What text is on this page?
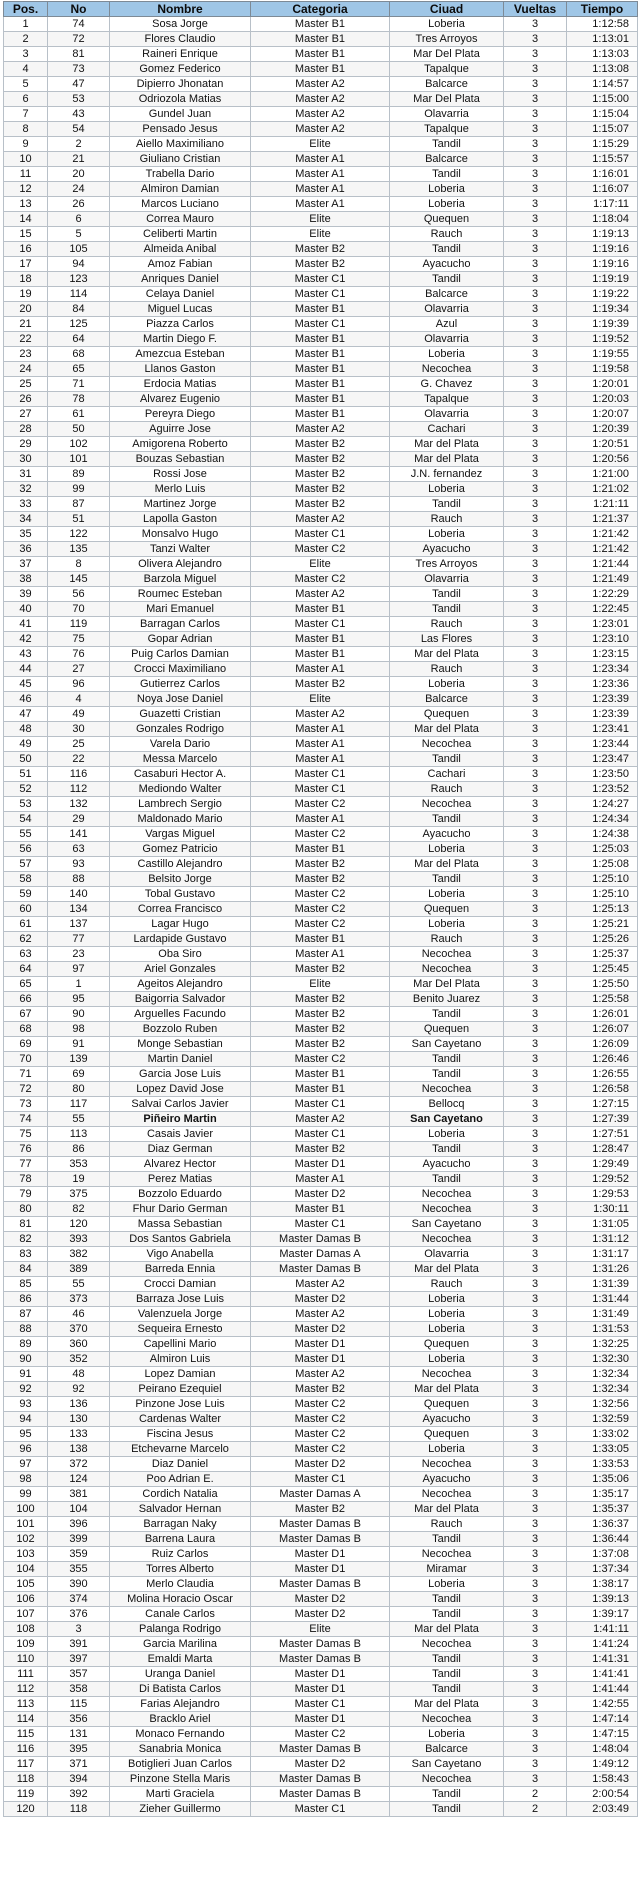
Pos.	No	Nombre	Categoria	Ciuad	Vueltas	Tiempo
1	74	Sosa Jorge	Master B1	Loberia	3	1:12:58
2	72	Flores Claudio	Master B1	Tres Arroyos	3	1:13:01
3	81	Raineri Enrique	Master B1	Mar Del Plata	3	1:13:03
4	73	Gomez Federico	Master B1	Tapalque	3	1:13:08
5	47	Dipierro Jhonatan	Master A2	Balcarce	3	1:14:57
6	53	Odriozola Matias	Master A2	Mar Del Plata	3	1:15:00
7	43	Gundel Juan	Master A2	Olavarria	3	1:15:04
8	54	Pensado Jesus	Master A2	Tapalque	3	1:15:07
9	2	Aiello Maximiliano	Elite	Tandil	3	1:15:29
10	21	Giuliano Cristian	Master A1	Balcarce	3	1:15:57
11	20	Trabella Dario	Master A1	Tandil	3	1:16:01
12	24	Almiron Damian	Master A1	Loberia	3	1:16:07
13	26	Marcos Luciano	Master A1	Loberia	3	1:17:11
14	6	Correa Mauro	Elite	Quequen	3	1:18:04
15	5	Celiberti Martin	Elite	Rauch	3	1:19:13
16	105	Almeida Anibal	Master B2	Tandil	3	1:19:16
17	94	Amoz Fabian	Master B2	Ayacucho	3	1:19:16
18	123	Anriques Daniel	Master C1	Tandil	3	1:19:19
19	114	Celaya Daniel	Master C1	Balcarce	3	1:19:22
20	84	Miguel Lucas	Master B1	Olavarria	3	1:19:34
21	125	Piazza Carlos	Master C1	Azul	3	1:19:39
22	64	Martin Diego F.	Master B1	Olavarria	3	1:19:52
23	68	Amezcua Esteban	Master B1	Loberia	3	1:19:55
24	65	Llanos Gaston	Master B1	Necochea	3	1:19:58
25	71	Erdocia Matias	Master B1	G. Chavez	3	1:20:01
26	78	Alvarez Eugenio	Master B1	Tapalque	3	1:20:03
27	61	Pereyra Diego	Master B1	Olavarria	3	1:20:07
28	50	Aguirre Jose	Master A2	Cachari	3	1:20:39
29	102	Amigorena Roberto	Master B2	Mar del Plata	3	1:20:51
30	101	Bouzas Sebastian	Master B2	Mar del Plata	3	1:20:56
31	89	Rossi Jose	Master B2	J.N. fernandez	3	1:21:00
32	99	Merlo Luis	Master B2	Loberia	3	1:21:02
33	87	Martinez Jorge	Master B2	Tandil	3	1:21:11
34	51	Lapolla Gaston	Master A2	Rauch	3	1:21:37
35	122	Monsalvo Hugo	Master C1	Loberia	3	1:21:42
36	135	Tanzi Walter	Master C2	Ayacucho	3	1:21:42
37	8	Olivera Alejandro	Elite	Tres Arroyos	3	1:21:44
38	145	Barzola Miguel	Master C2	Olavarria	3	1:21:49
39	56	Roumec Esteban	Master A2	Tandil	3	1:22:29
40	70	Mari Emanuel	Master B1	Tandil	3	1:22:45
41	119	Barragan Carlos	Master C1	Rauch	3	1:23:01
42	75	Gopar Adrian	Master B1	Las Flores	3	1:23:10
43	76	Puig Carlos Damian	Master B1	Mar del Plata	3	1:23:15
44	27	Crocci Maximiliano	Master A1	Rauch	3	1:23:34
45	96	Gutierrez Carlos	Master B2	Loberia	3	1:23:36
46	4	Noya Jose Daniel	Elite	Balcarce	3	1:23:39
47	49	Guazetti Cristian	Master A2	Quequen	3	1:23:39
48	30	Gonzales Rodrigo	Master A1	Mar del Plata	3	1:23:41
49	25	Varela Dario	Master A1	Necochea	3	1:23:44
50	22	Messa Marcelo	Master A1	Tandil	3	1:23:47
51	116	Casaburi Hector A.	Master C1	Cachari	3	1:23:50
52	112	Mediondo Walter	Master C1	Rauch	3	1:23:52
53	132	Lambrech Sergio	Master C2	Necochea	3	1:24:27
54	29	Maldonado Mario	Master A1	Tandil	3	1:24:34
55	141	Vargas Miguel	Master C2	Ayacucho	3	1:24:38
56	63	Gomez Patricio	Master B1	Loberia	3	1:25:03
57	93	Castillo Alejandro	Master B2	Mar del Plata	3	1:25:08
58	88	Belsito Jorge	Master B2	Tandil	3	1:25:10
59	140	Tobal Gustavo	Master C2	Loberia	3	1:25:10
60	134	Correa Francisco	Master C2	Quequen	3	1:25:13
61	137	Lagar Hugo	Master C2	Loberia	3	1:25:21
62	77	Lardapide Gustavo	Master B1	Rauch	3	1:25:26
63	23	Oba Siro	Master A1	Necochea	3	1:25:37
64	97	Ariel Gonzales	Master B2	Necochea	3	1:25:45
65	1	Ageitos Alejandro	Elite	Mar Del Plata	3	1:25:50
66	95	Baigorria Salvador	Master B2	Benito Juarez	3	1:25:58
67	90	Arguelles Facundo	Master B2	Tandil	3	1:26:01
68	98	Bozzolo Ruben	Master B2	Quequen	3	1:26:07
69	91	Monge Sebastian	Master B2	San Cayetano	3	1:26:09
70	139	Martin Daniel	Master C2	Tandil	3	1:26:46
71	69	Garcia Jose Luis	Master B1	Tandil	3	1:26:55
72	80	Lopez David Jose	Master B1	Necochea	3	1:26:58
73	117	Salvai Carlos Javier	Master C1	Bellocq	3	1:27:15
74	55	Piñeiro Martin	Master A2	San Cayetano	3	1:27:39
75	113	Casais Javier	Master C1	Loberia	3	1:27:51
76	86	Diaz German	Master B2	Tandil	3	1:28:47
77	353	Alvarez Hector	Master D1	Ayacucho	3	1:29:49
78	19	Perez Matias	Master A1	Tandil	3	1:29:52
79	375	Bozzolo Eduardo	Master D2	Necochea	3	1:29:53
80	82	Fhur Dario German	Master B1	Necochea	3	1:30:11
81	120	Massa Sebastian	Master C1	San Cayetano	3	1:31:05
82	393	Dos Santos Gabriela	Master Damas B	Necochea	3	1:31:12
83	382	Vigo Anabella	Master Damas A	Olavarria	3	1:31:17
84	389	Barreda Ennia	Master Damas B	Mar del Plata	3	1:31:26
85	55	Crocci Damian	Master A2	Rauch	3	1:31:39
86	373	Barraza Jose Luis	Master D2	Loberia	3	1:31:44
87	46	Valenzuela Jorge	Master A2	Loberia	3	1:31:49
88	370	Sequeira Ernesto	Master D2	Loberia	3	1:31:53
89	360	Capellini Mario	Master D1	Quequen	3	1:32:25
90	352	Almiron Luis	Master D1	Loberia	3	1:32:30
91	48	Lopez Damian	Master A2	Necochea	3	1:32:34
92	92	Peirano Ezequiel	Master B2	Mar del Plata	3	1:32:34
93	136	Pinzone Jose Luis	Master C2	Quequen	3	1:32:56
94	130	Cardenas Walter	Master C2	Ayacucho	3	1:32:59
95	133	Fiscina Jesus	Master C2	Quequen	3	1:33:02
96	138	Etchevarne Marcelo	Master C2	Loberia	3	1:33:05
97	372	Diaz Daniel	Master D2	Necochea	3	1:33:53
98	124	Poo Adrian E.	Master C1	Ayacucho	3	1:35:06
99	381	Cordich Natalia	Master Damas A	Necochea	3	1:35:17
100	104	Salvador Hernan	Master B2	Mar del Plata	3	1:35:37
101	396	Barragan Naky	Master Damas B	Rauch	3	1:36:37
102	399	Barrena Laura	Master Damas B	Tandil	3	1:36:44
103	359	Ruiz Carlos	Master D1	Necochea	3	1:37:08
104	355	Torres Alberto	Master D1	Miramar	3	1:37:34
105	390	Merlo Claudia	Master Damas B	Loberia	3	1:38:17
106	374	Molina Horacio Oscar	Master D2	Tandil	3	1:39:13
107	376	Canale Carlos	Master D2	Tandil	3	1:39:17
108	3	Palanga Rodrigo	Elite	Mar del Plata	3	1:41:11
109	391	Garcia Marilina	Master Damas B	Necochea	3	1:41:24
110	397	Emaldi Marta	Master Damas B	Tandil	3	1:41:31
111	357	Uranga Daniel	Master D1	Tandil	3	1:41:41
112	358	Di Batista Carlos	Master D1	Tandil	3	1:41:44
113	115	Farias Alejandro	Master C1	Mar del Plata	3	1:42:55
114	356	Bracklo Ariel	Master D1	Necochea	3	1:47:14
115	131	Monaco Fernando	Master C2	Loberia	3	1:47:15
116	395	Sanabria Monica	Master Damas B	Balcarce	3	1:48:04
117	371	Botiglieri Juan Carlos	Master D2	San Cayetano	3	1:49:12
118	394	Pinzone Stella Maris	Master Damas B	Necochea	3	1:58:43
119	392	Marti Graciela	Master Damas B	Tandil	2	2:00:54
120	118	Zieher Guillermo	Master C1	Tandil	2	2:03:49
